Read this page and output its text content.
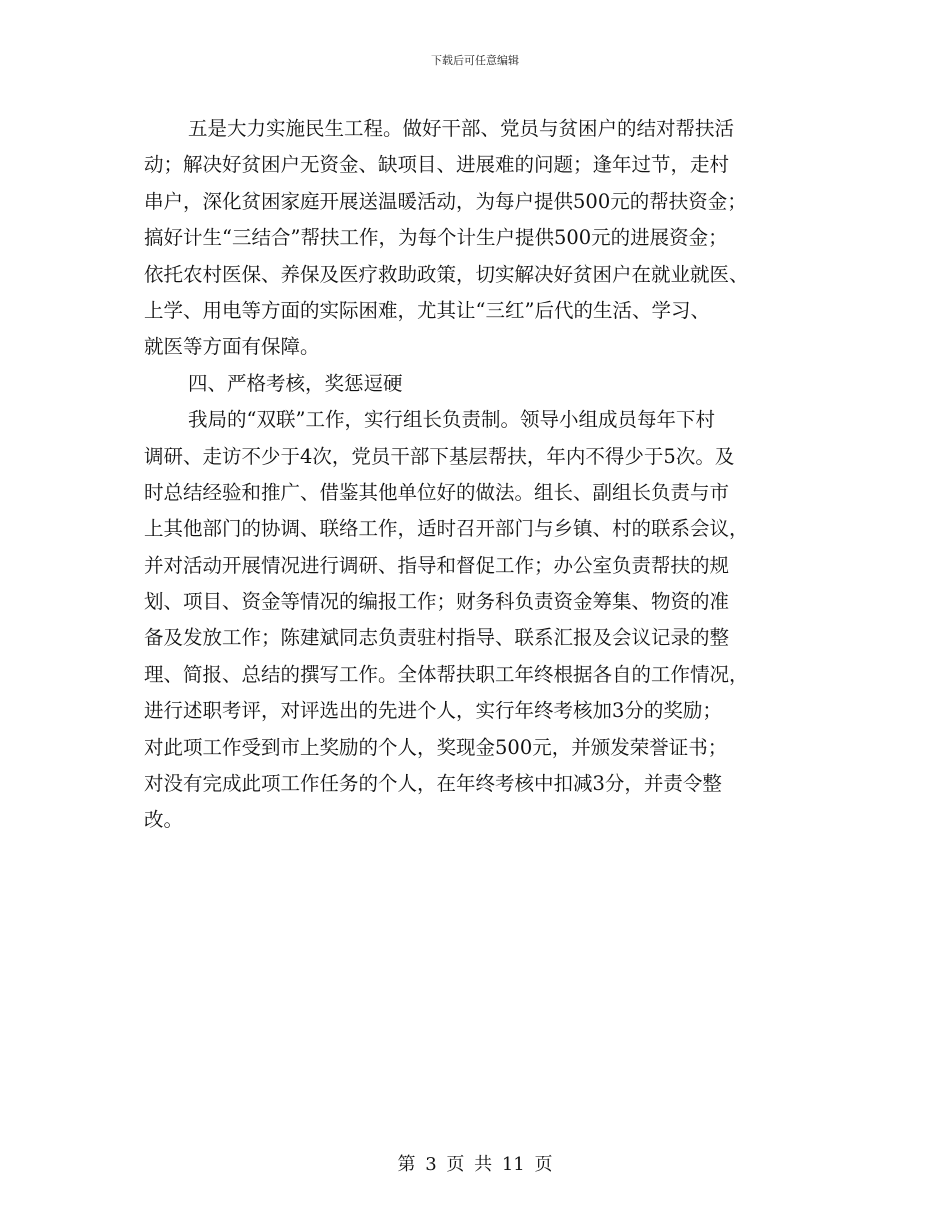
下载后可任意编辑
五是大力实施民生工程。做好干部、党员与贫困户的结对帮扶活
动；解决好贫困户无资金、缺项目、进展难的问题；逢年过节，走村
串户，深化贫困家庭开展送温暖活动，为每户提供500元的帮扶资金；
搞好计生“三结合”帮扶工作，为每个计生户提供500元的进展资金；
依托农村医保、养保及医疗救助政策，切实解决好贫困户在就业就医、
上学、用电等方面的实际困难，尤其让“三红”后代的生活、学习、
就医等方面有保障。
四、严格考核，奖惩逗硬
我局的“双联”工作，实行组长负责制。领导小组成员每年下村
调研、走访不少于4次，党员干部下基层帮扶，年内不得少于5次。及
时总结经验和推广、借鉴其他单位好的做法。组长、副组长负责与市
上其他部门的协调、联络工作，适时召开部门与乡镇、村的联系会议，
并对活动开展情况进行调研、指导和督促工作；办公室负责帮扶的规
划、项目、资金等情况的编报工作；财务科负责资金筹集、物资的准
备及发放工作；陈建斌同志负责驻村指导、联系汇报及会议记录的整
理、简报、总结的撰写工作。全体帮扶职工年终根据各自的工作情况，
进行述职考评，对评选出的先进个人，实行年终考核加3分的奖励；
对此项工作受到市上奖励的个人，奖现金500元，并颁发荣誉证书；
对没有完成此项工作任务的个人，在年终考核中扣减3分，并责令整
改。
第 3 页 共 11 页
